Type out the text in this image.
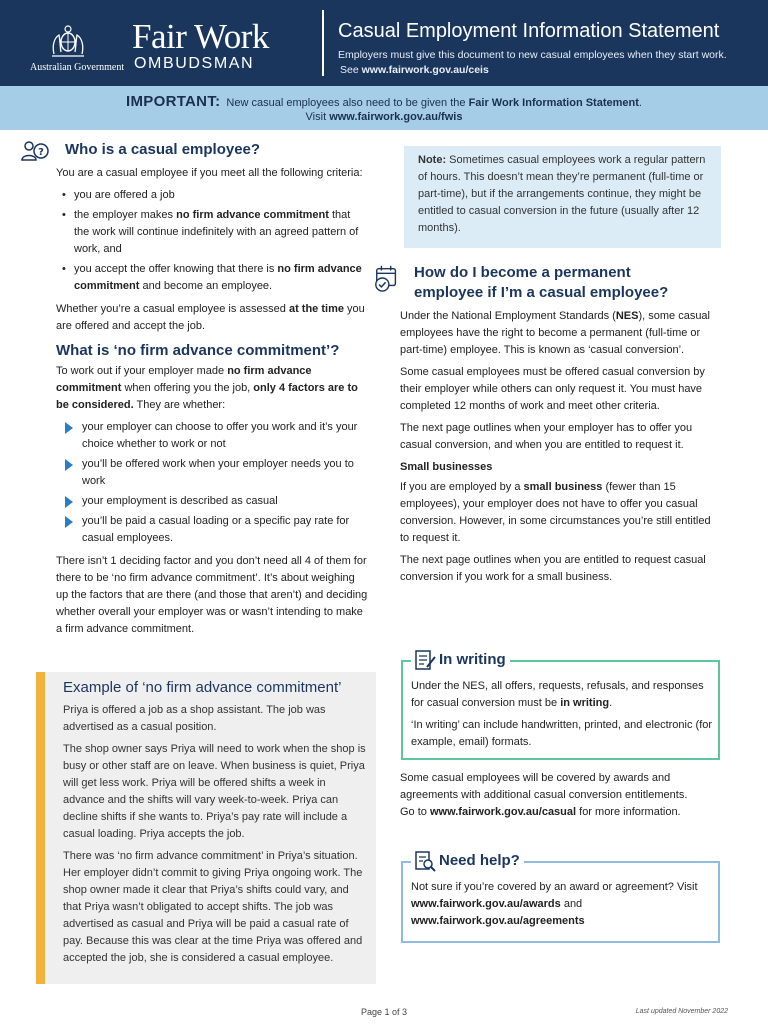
Australian Government
Fair Work
OMBUDSMAN
Casual Employment Information Statement
Employers must give this document to new casual employees when they start work.
See www.fairwork.gov.au/ceis
IMPORTANT: New casual employees also need to be given the Fair Work Information Statement.
Visit www.fairwork.gov.au/fwis
? Who is a casual employee?

You are a casual employee if you meet all the following criteria:

• you are offered a job
• the employer makes no firm advance commitment that the work will continue indefinitely with an agreed pattern of work, and
• you accept the offer knowing that there is no firm advance commitment and become an employee.

Whether you’re a casual employee is assessed at the time you are offered and accept the job.

What is ‘no firm advance commitment’?

To work out if your employer made no firm advance commitment when offering you the job, only 4 factors are to be considered. They are whether:

your employer can choose to offer you work and it’s your choice whether to work or not
you’ll be offered work when your employer needs you to work
your employment is described as casual
you’ll be paid a casual loading or a specific pay rate for casual employees.

There isn’t 1 deciding factor and you don’t need all 4 of them for there to be ‘no firm advance commitment’. It’s about weighing up the factors that are there (and those that aren’t) and deciding whether overall your employer was or wasn’t intending to make a firm advance commitment.

Example of ‘no firm advance commitment’

Priya is offered a job as a shop assistant. The job was advertised as a casual position.

The shop owner says Priya will need to work when the shop is busy or other staff are on leave. When business is quiet, Priya will get less work. Priya will be offered shifts a week in advance and the shifts will vary week-to-week. Priya can decline shifts if she wants to. Priya’s pay rate will include a casual loading. Priya accepts the job.

There was ‘no firm advance commitment’ in Priya’s situation. Her employer didn’t commit to giving Priya ongoing work. The shop owner made it clear that Priya’s shifts could vary, and that Priya wasn’t obligated to accept shifts. The job was advertised as casual and Priya will be paid a casual rate of pay. Because this was clear at the time Priya was offered and accepted the job, she is considered a casual employee.

Note: Sometimes casual employees work a regular pattern of hours. This doesn’t mean they’re permanent (full-time or part-time), but if the arrangements continue, they might be entitled to casual conversion in the future (usually after 12 months).
How do I become a permanent
employee if I’m a casual employee?

Under the National Employment Standards (NES), some casual employees have the right to become a permanent (full-time or part-time) employee. This is known as ‘casual conversion’.

Some casual employees must be offered casual conversion by their employer while others can only request it. You must have completed 12 months of work and meet other criteria.

The next page outlines when your employer has to offer you casual conversion, and when you are entitled to request it.

Small businesses

If you are employed by a small business (fewer than 15 employees), your employer does not have to offer you casual conversion. However, in some circumstances you’re still entitled to request it.

The next page outlines when you are entitled to request casual conversion if you work for a small business.

In writing

Under the NES, all offers, requests, refusals, and responses for casual conversion must be in writing.

‘In writing’ can include handwritten, printed, and electronic (for example, email) formats.

Some casual employees will be covered by awards and agreements with additional casual conversion entitlements. Go to www.fairwork.gov.au/casual for more information.

Need help?

Not sure if you’re covered by an award or agreement? Visit www.fairwork.gov.au/awards and www.fairwork.gov.au/agreements

Page 1 of 3	Last updated November 2022
